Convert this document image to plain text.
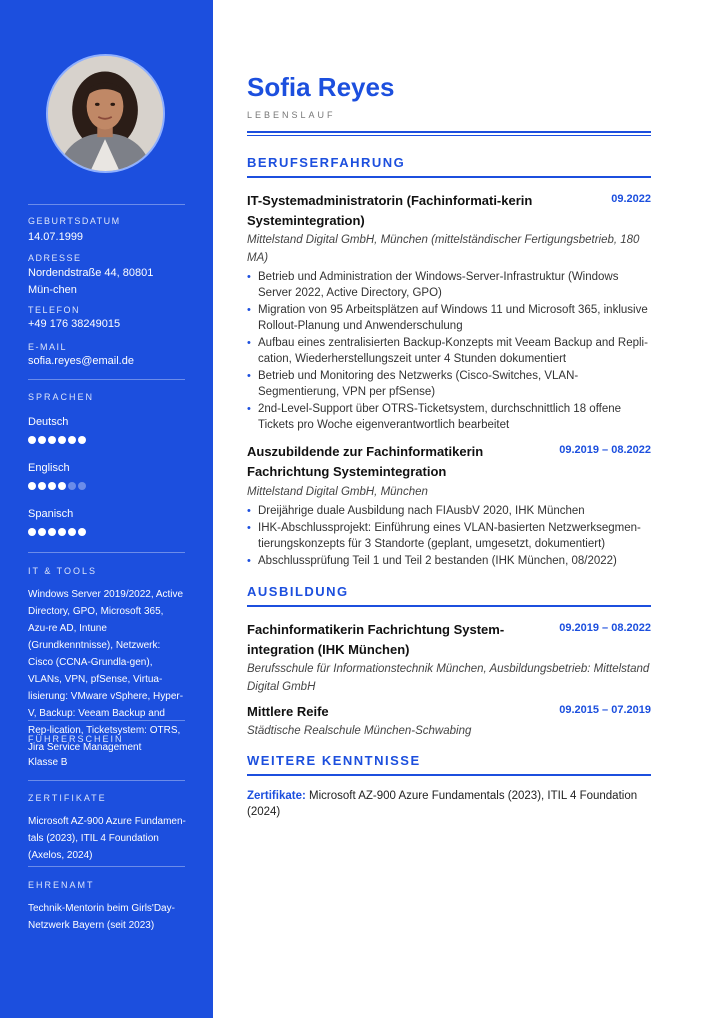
GEBURTSDATUM
14.07.1999
ADRESSE
Nordendstraße 44, 80801 Mün-chen
TELEFON
+49 176 38249015
E-MAIL
sofia.reyes@email.de
SPRACHEN
Deutsch
Englisch
Spanisch
IT & TOOLS
Windows Server 2019/2022, Active Directory, GPO, Microsoft 365, Azu-re AD, Intune (Grundkenntnisse), Netzwerk: Cisco (CCNA-Grundla-gen), VLANs, VPN, pfSense, Virtua-lisierung: VMware vSphere, Hyper-V, Backup: Veeam Backup and Rep-lication, Ticketsystem: OTRS, Jira Service Management
FÜHRERSCHEIN
Klasse B
ZERTIFIKATE
Microsoft AZ-900 Azure Fundamen-tals (2023), ITIL 4 Foundation (Axelos, 2024)
EHRENAMT
Technik-Mentorin beim Girls'Day-Netzwerk Bayern (seit 2023)
Sofia Reyes
LEBENSLAUF
BERUFSERFAHRUNG
IT-Systemadministratorin (Fachinformati-kerin Systemintegration)
09.2022
Mittelstand Digital GmbH, München (mittelständischer Fertigungsbetrieb, 180 MA)
• Betrieb und Administration der Windows-Server-Infrastruktur (Windows Server 2022, Active Directory, GPO)
• Migration von 95 Arbeitsplätzen auf Windows 11 und Microsoft 365, inklusive Rollout-Planung und Anwenderschulung
• Aufbau eines zentralisierten Backup-Konzepts mit Veeam Backup and Repli-cation, Wiederherstellungszeit unter 4 Stunden dokumentiert
• Betrieb und Monitoring des Netzwerks (Cisco-Switches, VLAN-Segmentierung, VPN per pfSense)
• 2nd-Level-Support über OTRS-Ticketsystem, durchschnittlich 18 offene Tickets pro Woche eigenverantwortlich bearbeitet
Auszubildende zur Fachinformatikerin Fachrichtung Systemintegration
09.2019 – 08.2022
Mittelstand Digital GmbH, München
• Dreijährige duale Ausbildung nach FIAusbV 2020, IHK München
• IHK-Abschlussprojekt: Einführung eines VLAN-basierten Netzwerksegmen-tierungskonzepts für 3 Standorte (geplant, umgesetzt, dokumentiert)
• Abschlussprüfung Teil 1 und Teil 2 bestanden (IHK München, 08/2022)
AUSBILDUNG
Fachinformatikerin Fachrichtung System-integration (IHK München)
09.2019 – 08.2022
Berufsschule für Informationstechnik München, Ausbildungsbetrieb: Mittelstand Digital GmbH
Mittlere Reife	09.2015 – 07.2019
Städtische Realschule München-Schwabing
WEITERE KENNTNISSE
Zertifikate: Microsoft AZ-900 Azure Fundamentals (2023), ITIL 4 Foundation (2024)
